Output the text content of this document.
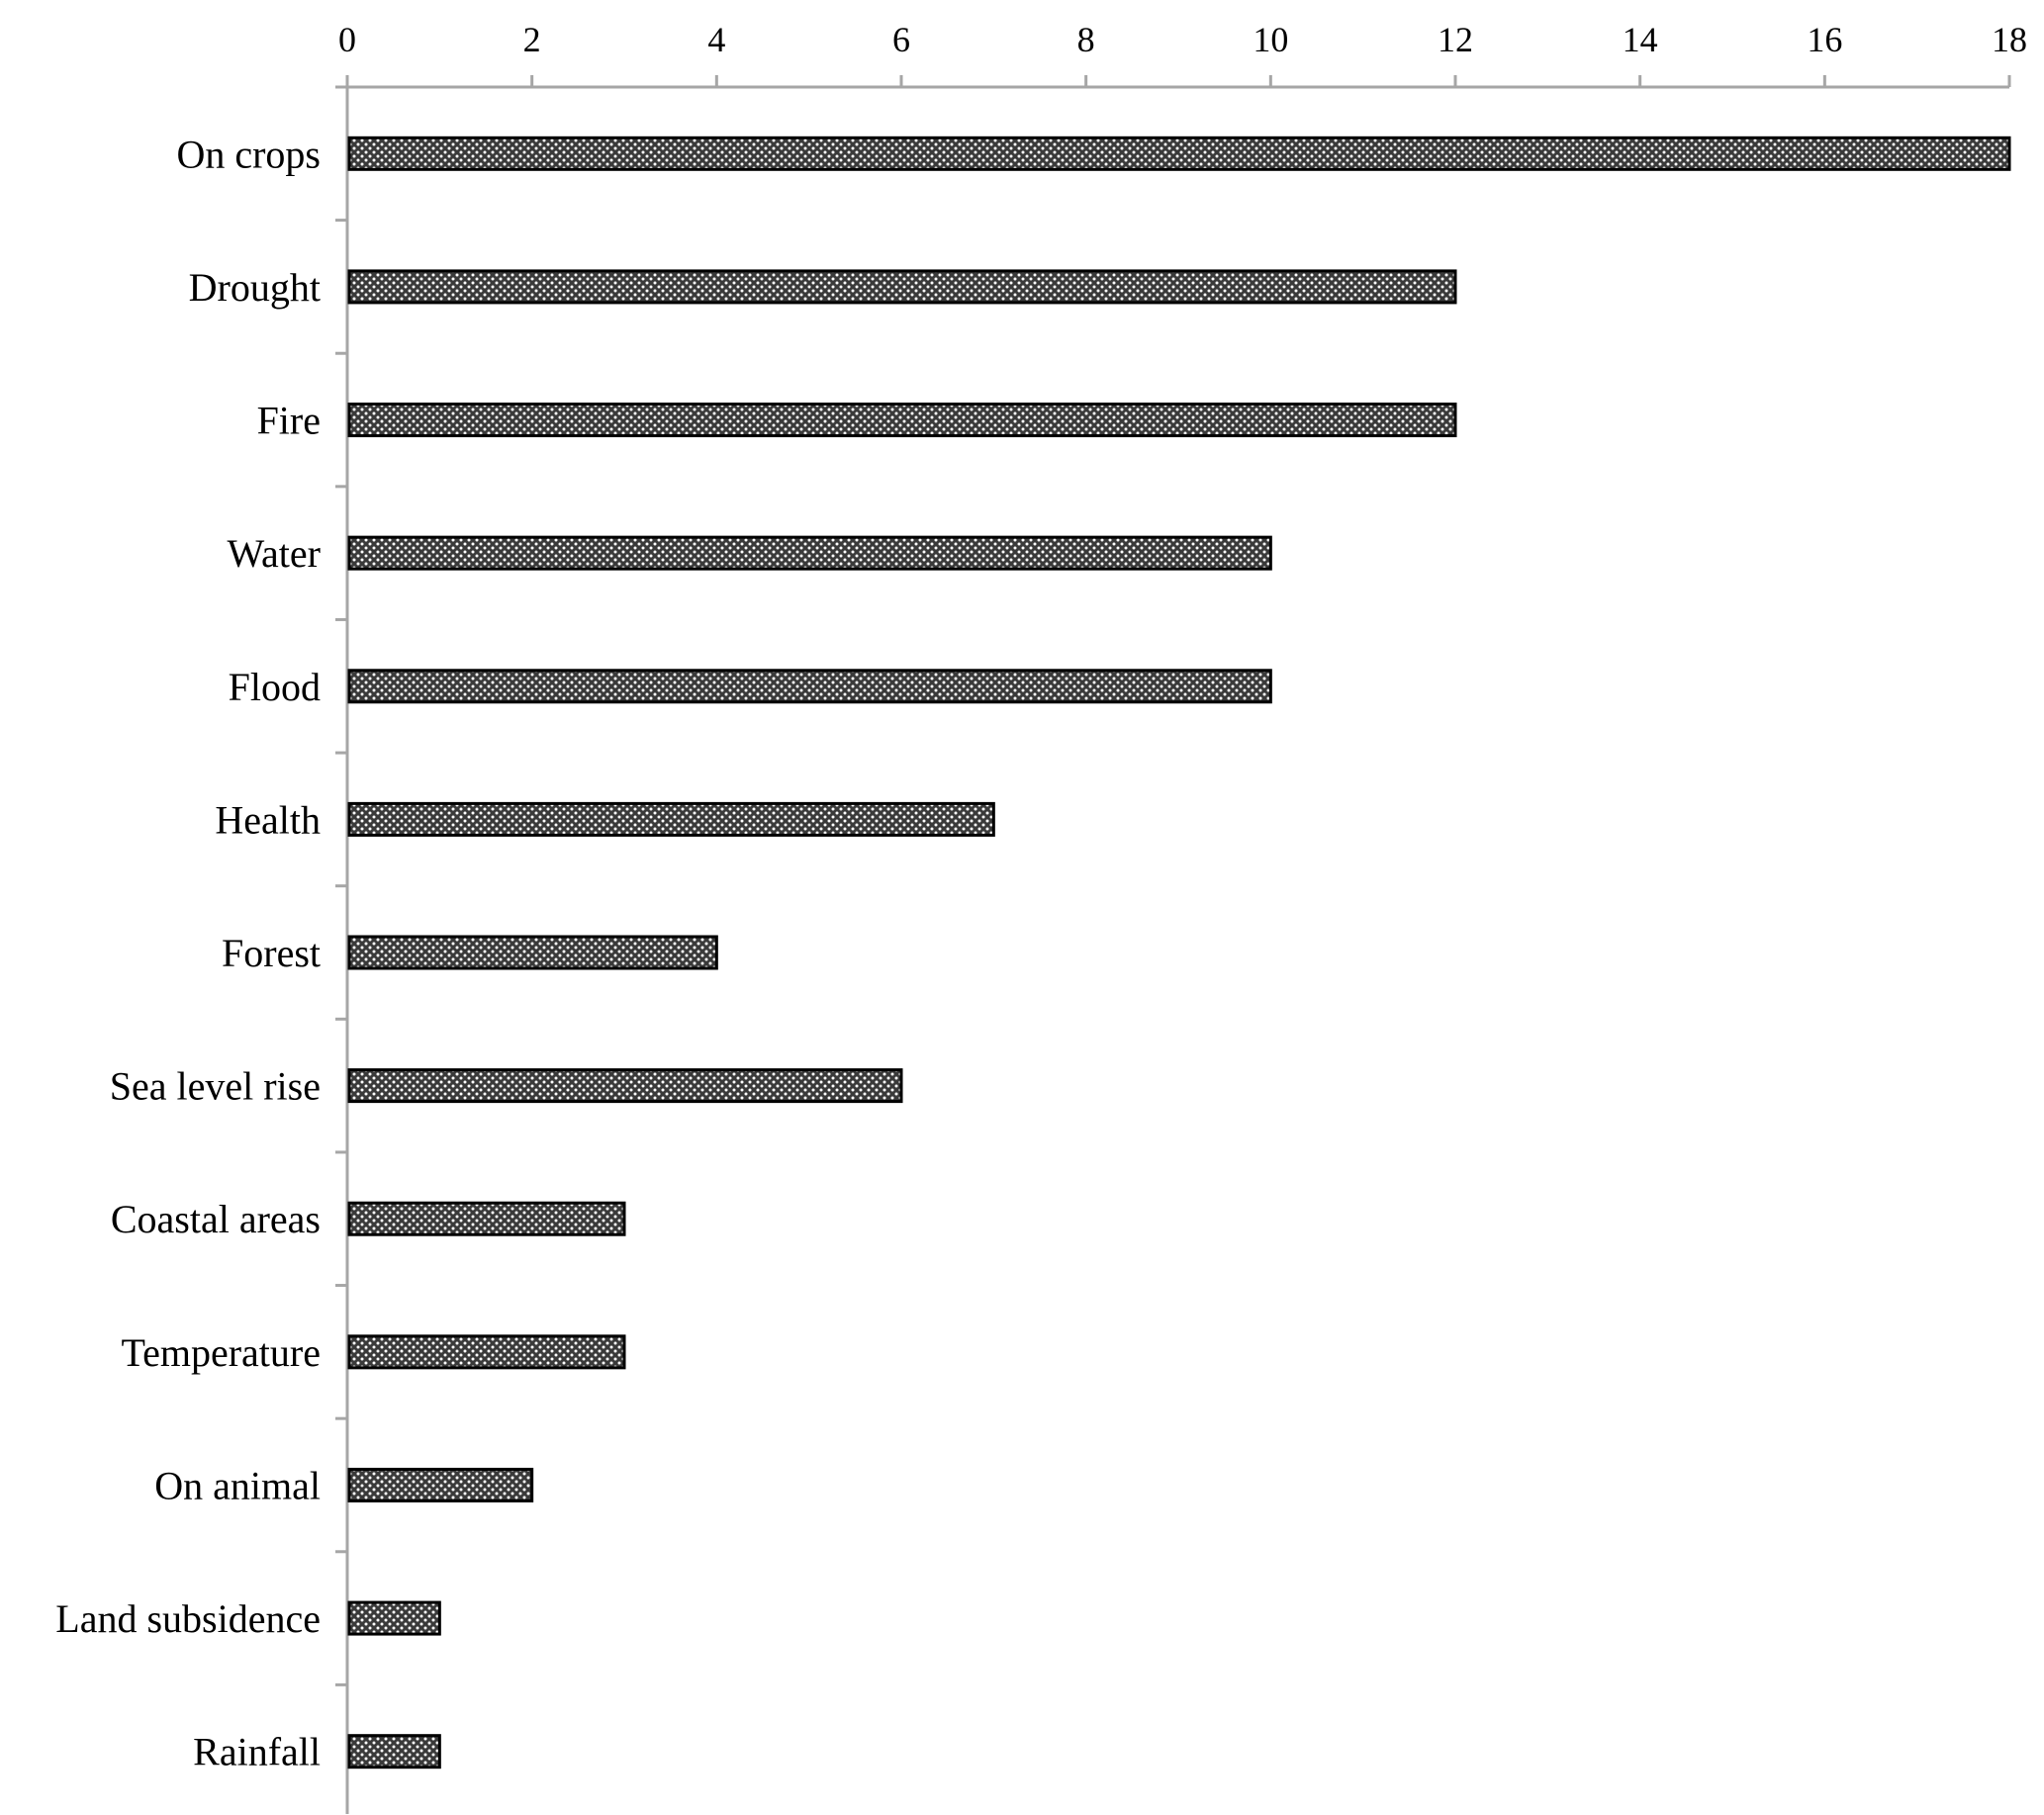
0	2	4	6	8	10	12	14	16	18
On crops
Drought
Fire
Water
Flood
Health
Forest
Sea level rise
Coastal areas
Temperature
On animal
Land subsidence
Rainfall
